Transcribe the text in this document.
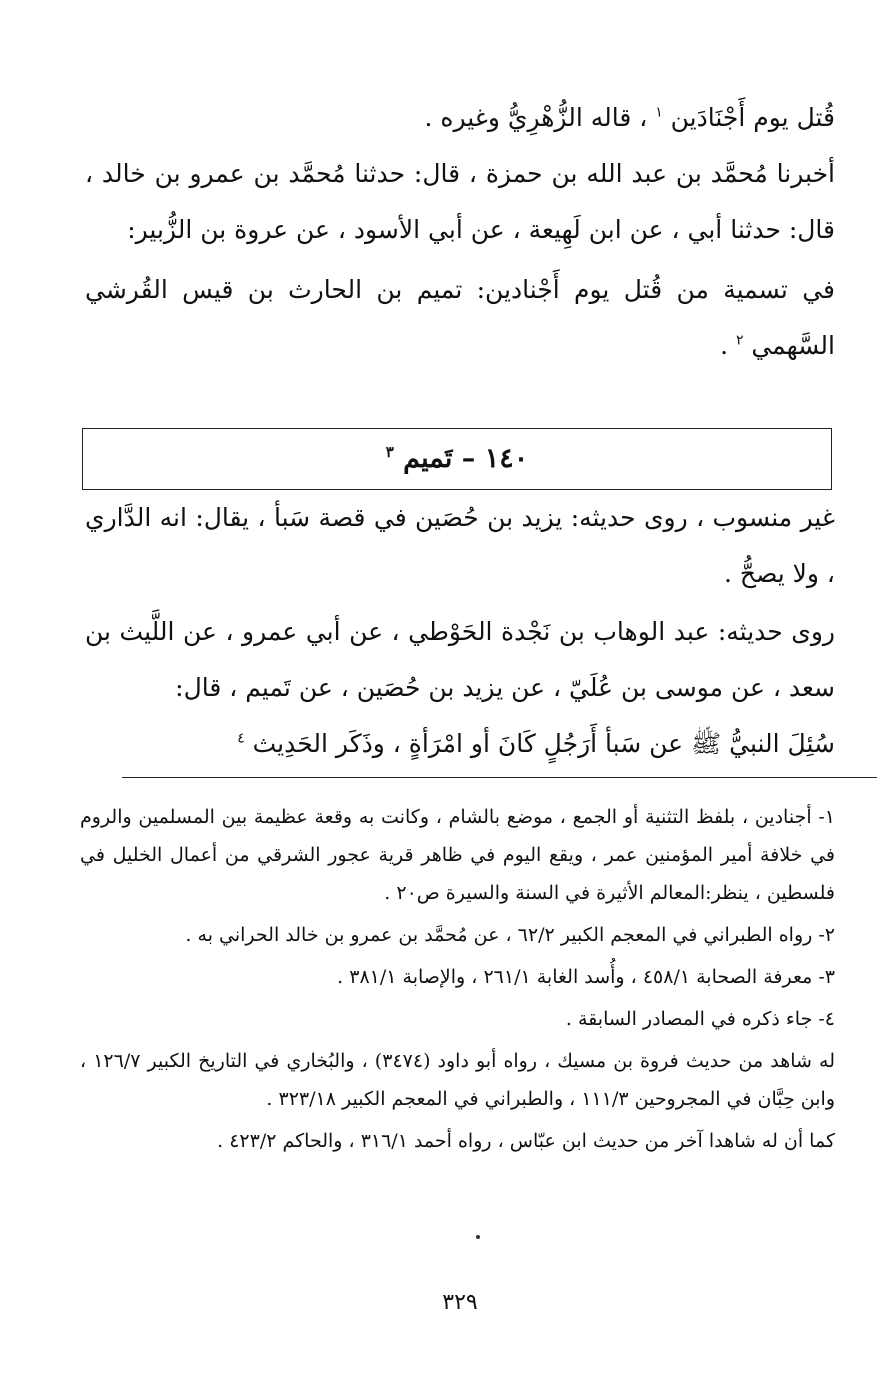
قُتل يوم أَجْنَادَين $^١$ ، قاله الزُّهْرِيُّ وغيره .

أخبرنا مُحمَّد بن عبد الله بن حمزة ، قال: حدثنا مُحمَّد بن عمرو بن خالد ، قال: حدثنا أبي ، عن ابن لَهِيعة ، عن أبي الأسود ، عن عروة بن الزُّبير:

في تسمية من قُتل يوم أَجْنادين: تميم بن الحارث بن قيس القُرشي السَّهمي $^٢$ .

١٤٠ – تَميم $^٣$

غير منسوب ، روى حديثه: يزيد بن حُصَين في قصة سَبأ ، يقال: انه الدَّاري ، ولا يصحُّ .

روى حديثه: عبد الوهاب بن نَجْدة الحَوْطي ، عن أبي عمرو ، عن اللَّيث بن سعد ، عن موسى بن عُلَيّ ، عن يزيد بن حُصَين ، عن تَميم ، قال:

سُئِلَ النبيُّ ﷺ عن سَبأ أَرَجُلٍ كَانَ أو امْرَأةٍ ، وذَكَر الحَدِيث $^٤$

١- أجنادين ، بلفظ التثنية أو الجمع ، موضع بالشام ، وكانت به وقعة عظيمة بين المسلمين والروم في خلافة أمير المؤمنين عمر ، ويقع اليوم في ظاهر قرية عجور الشرقي من أعمال الخليل في فلسطين ، ينظر:المعالم الأثيرة في السنة والسيرة ص٢٠ .

٢- رواه الطبراني في المعجم الكبير ٦٢/٢ ، عن مُحمَّد بن عمرو بن خالد الحراني به .

٣- معرفة الصحابة ٤٥٨/١ ، وأُسد الغابة ٢٦١/١ ، والإصابة ٣٨١/١ .

٤- جاء ذكره في المصادر السابقة .

له شاهد من حديث فروة بن مسيك ، رواه أبو داود (٣٤٧٤) ، والبُخاري في التاريخ الكبير ١٢٦/٧ ، وابن حِبَّان في المجروحين ١١١/٣ ، والطبراني في المعجم الكبير ٣٢٣/١٨ .

كما أن له شاهدا آخر من حديث ابن عبّاس ، رواه أحمد ٣١٦/١ ، والحاكم ٤٢٣/٢ .

٣٢٩
